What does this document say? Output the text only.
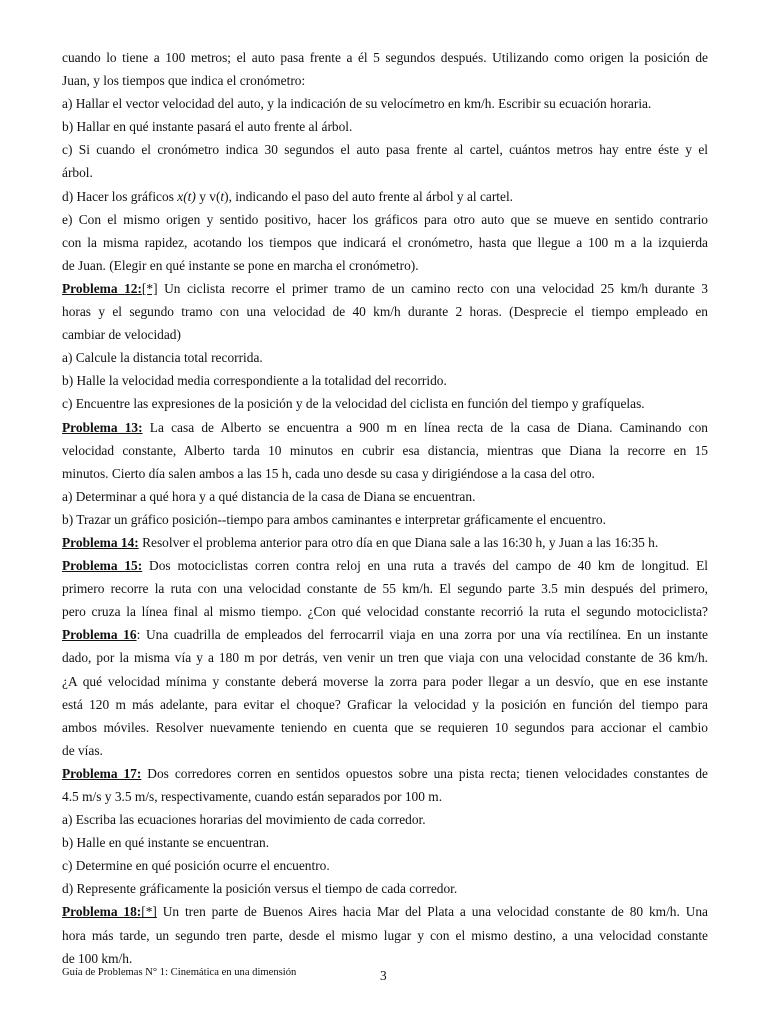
cuando lo tiene a 100 metros; el auto pasa frente a él 5 segundos después. Utilizando como origen la posición de
Juan, y los tiempos que indica el cronómetro:
a) Hallar el vector velocidad del auto, y la indicación de su velocímetro en km/h. Escribir su ecuación horaria.
b) Hallar en qué instante pasará el auto frente al árbol.
c) Si cuando el cronómetro indica 30 segundos el auto pasa frente al cartel, cuántos metros hay entre éste y el
árbol.
d) Hacer los gráficos x(t) y v(t), indicando el paso del auto frente al árbol y al cartel.
e) Con el mismo origen y sentido positivo, hacer los gráficos para otro auto que se mueve en sentido contrario
con la misma rapidez, acotando los tiempos que indicará el cronómetro, hasta que llegue a 100 m a la izquierda
de Juan. (Elegir en qué instante se pone en marcha el cronómetro).
Problema 12:[*] Un ciclista recorre el primer tramo de un camino recto con una velocidad 25 km/h durante 3
horas y el segundo tramo con una velocidad de 40 km/h durante 2 horas. (Desprecie el tiempo empleado en
cambiar de velocidad)
a) Calcule la distancia total recorrida.
b) Halle la velocidad media correspondiente a la totalidad del recorrido.
c) Encuentre las expresiones de la posición y de la velocidad del ciclista en función del tiempo y grafíquelas.
Problema 13: La casa de Alberto se encuentra a 900 m en línea recta de la casa de Diana. Caminando con
velocidad constante, Alberto tarda 10 minutos en cubrir esa distancia, mientras que Diana la recorre en 15
minutos. Cierto día salen ambos a las 15 h, cada uno desde su casa y dirigiéndose a la casa del otro.
a) Determinar a qué hora y a qué distancia de la casa de Diana se encuentran.
b) Trazar un gráfico posición--tiempo para ambos caminantes e interpretar gráficamente el encuentro.
Problema 14: Resolver el problema anterior para otro día en que Diana sale a las 16:30 h, y Juan a las 16:35 h.
Problema 15: Dos motociclistas corren contra reloj en una ruta a través del campo de 40 km de longitud. El
primero recorre la ruta con una velocidad constante de 55 km/h. El segundo parte 3.5 min después del primero,
pero cruza la línea final al mismo tiempo. ¿Con qué velocidad constante recorrió la ruta el segundo motociclista?
Problema 16: Una cuadrilla de empleados del ferrocarril viaja en una zorra por una vía rectilínea. En un instante
dado, por la misma vía y a 180 m por detrás, ven venir un tren que viaja con una velocidad constante de 36 km/h.
¿A qué velocidad mínima y constante deberá moverse la zorra para poder llegar a un desvío, que en ese instante
está 120 m más adelante, para evitar el choque? Graficar la velocidad y la posición en función del tiempo para
ambos móviles. Resolver nuevamente teniendo en cuenta que se requieren 10 segundos para accionar el cambio
de vías.
Problema 17: Dos corredores corren en sentidos opuestos sobre una pista recta; tienen velocidades constantes de
4.5 m/s y 3.5 m/s, respectivamente, cuando están separados por 100 m.
a) Escriba las ecuaciones horarias del movimiento de cada corredor.
b) Halle en qué instante se encuentran.
c) Determine en qué posición ocurre el encuentro.
d) Represente gráficamente la posición versus el tiempo de cada corredor.
Problema 18:[*] Un tren parte de Buenos Aires hacia Mar del Plata a una velocidad constante de 80 km/h. Una
hora más tarde, un segundo tren parte, desde el mismo lugar y con el mismo destino, a una velocidad constante
de 100 km/h.
Guía de Problemas N° 1: Cinemática en una dimensión	3
